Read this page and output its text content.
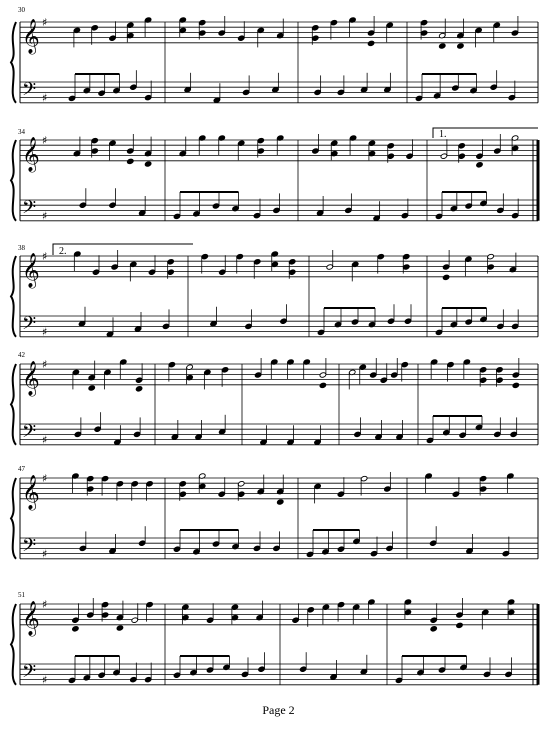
𝄞
𝄢
♯
♯
𝄞
𝄢
♯
♯
𝄞
𝄢
♯
♯
𝄞
𝄢
♯
♯
𝄞
𝄢
♯
♯
𝄞
𝄢
♯
♯
30
34
38
42
47
51
1.
2.
Page 2
